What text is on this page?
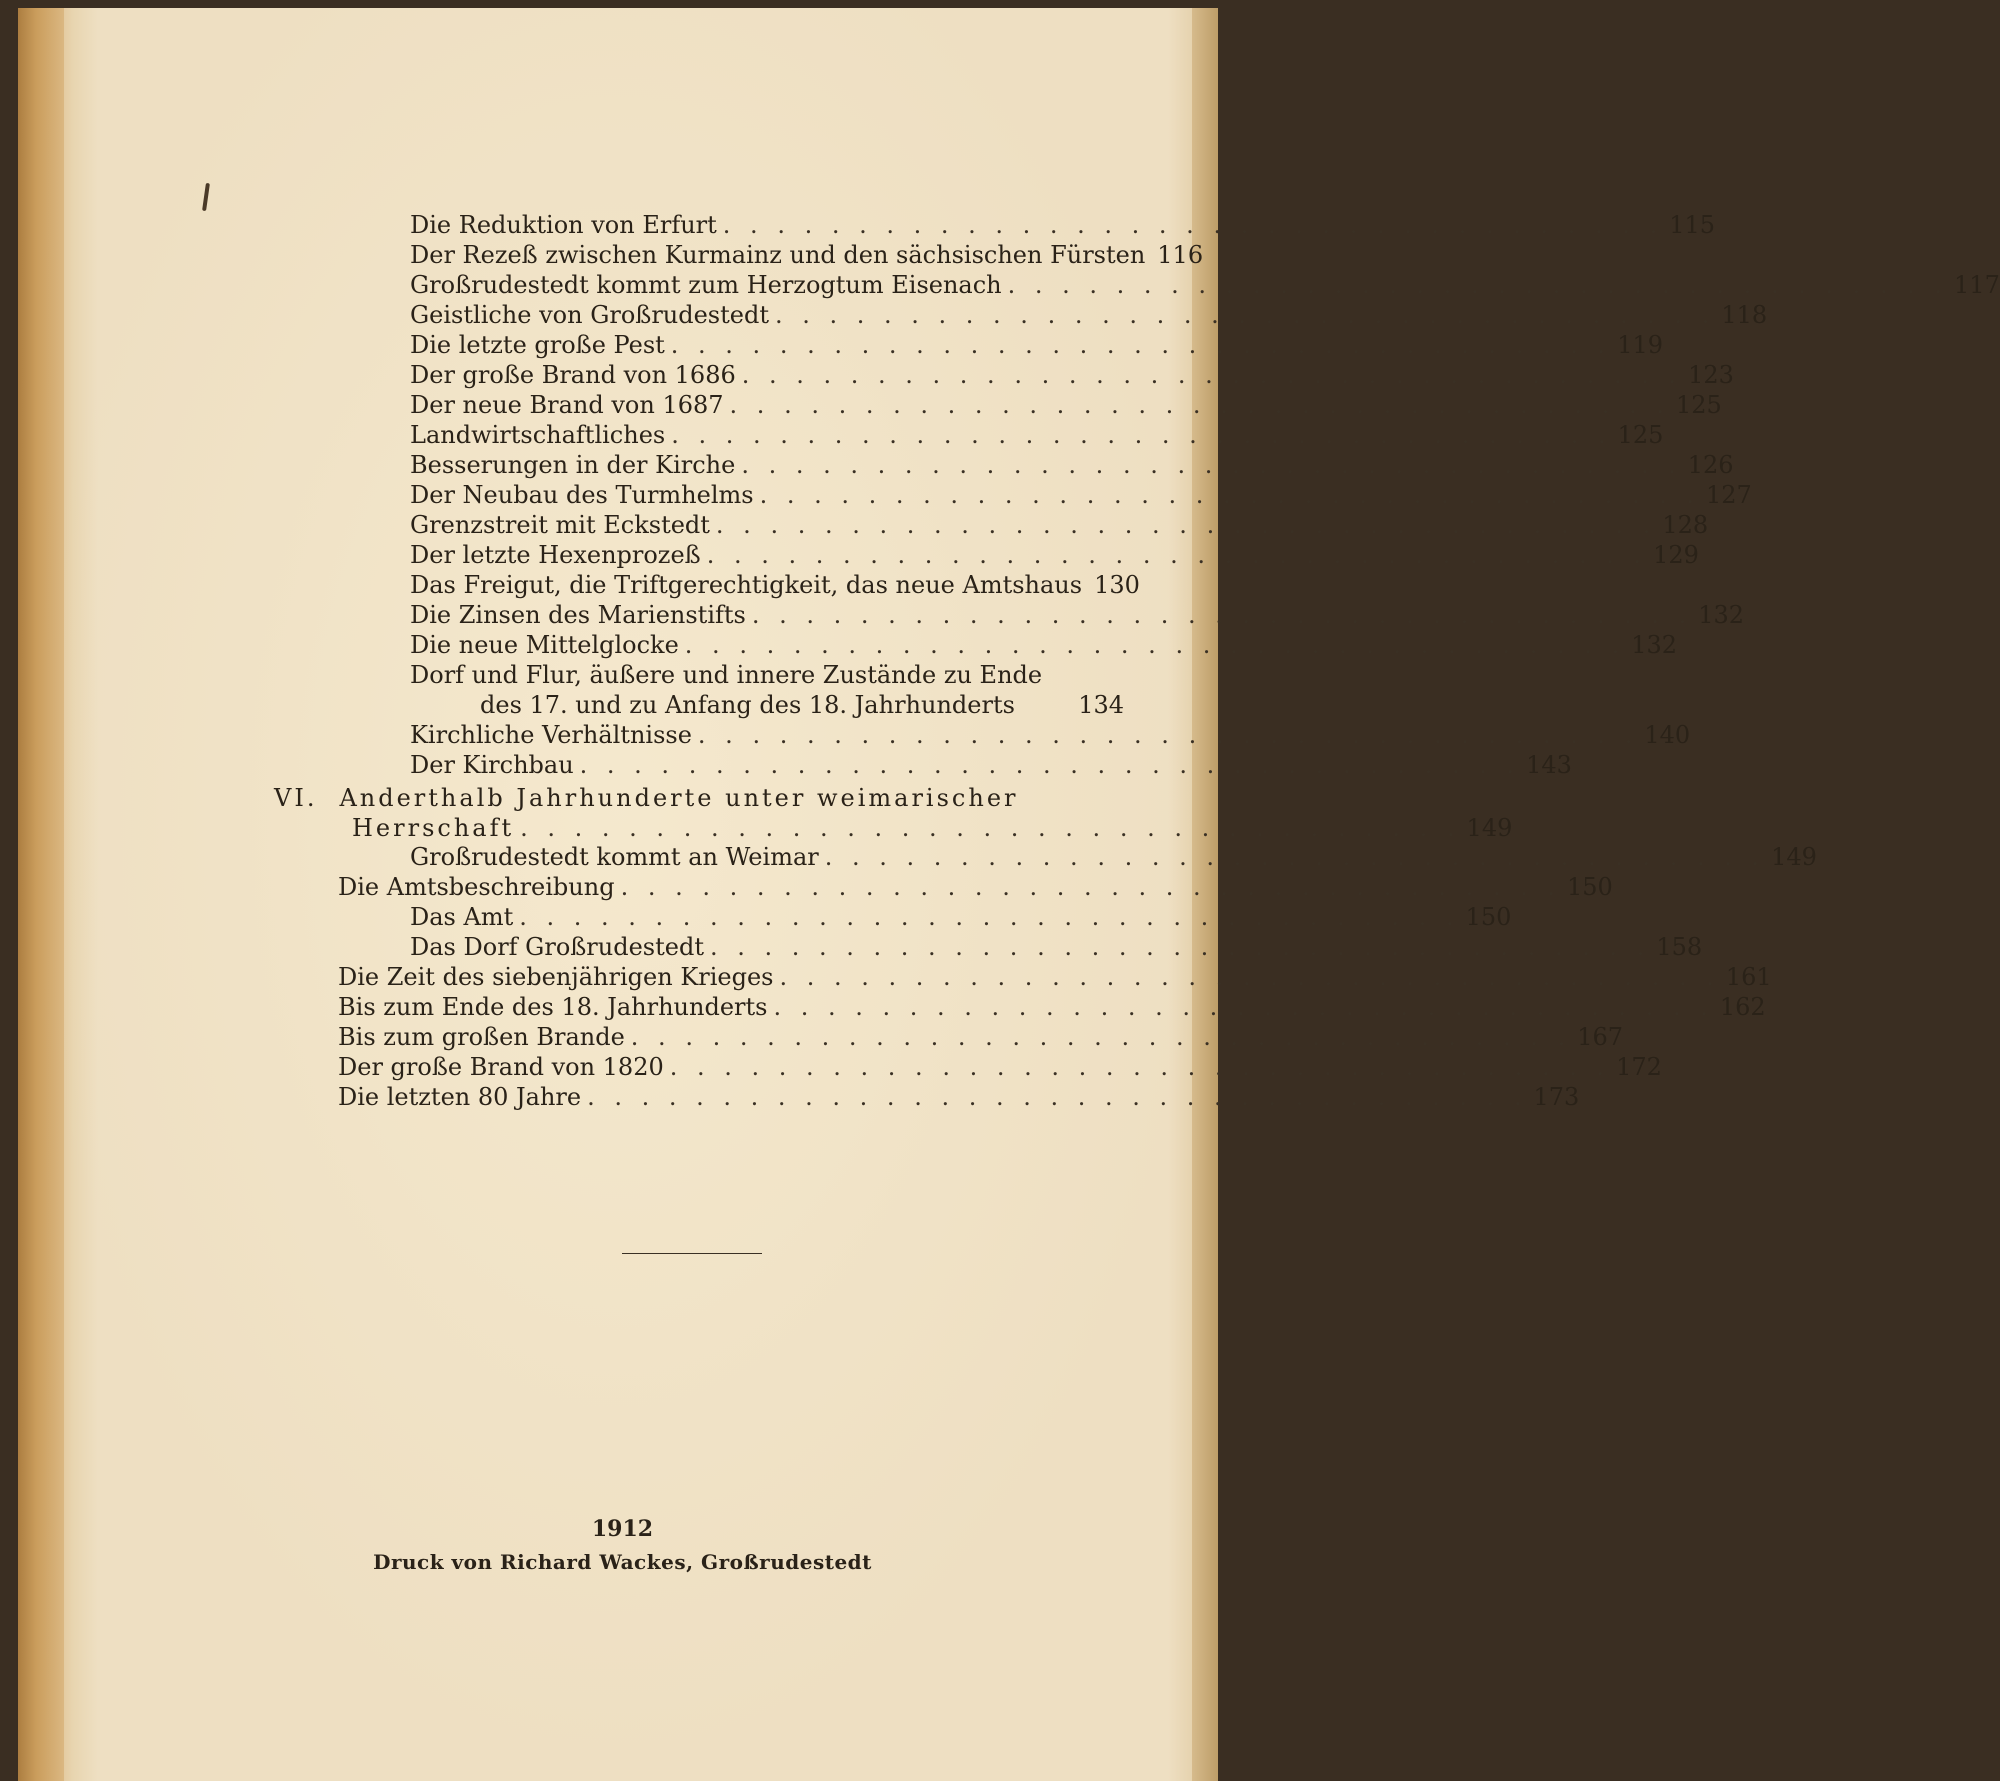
Die Reduktion von Erfurt . . . . . . . . . . . . . . . . . . . . . . . . . . . . . . . . . . . 115
Der Rezeß zwischen Kurmainz und den sächsischen Fürsten 116
Großrudestedt kommt zum Herzogtum Eisenach . . . . . . . . . . . . . . . . . . . . . . . . . . . . . . . . . . . 117
Geistliche von Großrudestedt . . . . . . . . . . . . . . . . . . . . . . . . . . . . . . . . . . . 118
Die letzte große Pest . . . . . . . . . . . . . . . . . . . . . . . . . . . . . . . . . . . 119
Der große Brand von 1686 . . . . . . . . . . . . . . . . . . . . . . . . . . . . . . . . . . . 123
Der neue Brand von 1687 . . . . . . . . . . . . . . . . . . . . . . . . . . . . . . . . . . . 125
Landwirtschaftliches . . . . . . . . . . . . . . . . . . . . . . . . . . . . . . . . . . . 125
Besserungen in der Kirche . . . . . . . . . . . . . . . . . . . . . . . . . . . . . . . . . . . 126
Der Neubau des Turmhelms . . . . . . . . . . . . . . . . . . . . . . . . . . . . . . . . . . . 127
Grenzstreit mit Eckstedt . . . . . . . . . . . . . . . . . . . . . . . . . . . . . . . . . . . 128
Der letzte Hexenprozeß . . . . . . . . . . . . . . . . . . . . . . . . . . . . . . . . . . . 129
Das Freigut, die Triftgerechtigkeit, das neue Amtshaus 130
Die Zinsen des Marienstifts . . . . . . . . . . . . . . . . . . . . . . . . . . . . . . . . . . . 132
Die neue Mittelglocke . . . . . . . . . . . . . . . . . . . . . . . . . . . . . . . . . . . 132
Dorf und Flur, äußere und innere Zustände zu Ende
des 17. und zu Anfang des 18. Jahrhunderts	134
Kirchliche Verhältnisse . . . . . . . . . . . . . . . . . . . . . . . . . . . . . . . . . . . 140
Der Kirchbau . . . . . . . . . . . . . . . . . . . . . . . . . . . . . . . . . . . 143
VI. Anderthalb Jahrhunderte unter weimarischer
Herrschaft . . . . . . . . . . . . . . . . . . . . . . . . . . . . . . . . . . . 149
Großrudestedt kommt an Weimar . . . . . . . . . . . . . . . . . . . . . . . . . . . . . . . . . . . 149
Die Amtsbeschreibung . . . . . . . . . . . . . . . . . . . . . . . . . . . . . . . . . . . 150
Das Amt . . . . . . . . . . . . . . . . . . . . . . . . . . . . . . . . . . . 150
Das Dorf Großrudestedt . . . . . . . . . . . . . . . . . . . . . . . . . . . . . . . . . . . 158
Die Zeit des siebenjährigen Krieges . . . . . . . . . . . . . . . . . . . . . . . . . . . . . . . . . . . 161
Bis zum Ende des 18. Jahrhunderts . . . . . . . . . . . . . . . . . . . . . . . . . . . . . . . . . . . 162
Bis zum großen Brande . . . . . . . . . . . . . . . . . . . . . . . . . . . . . . . . . . . 167
Der große Brand von 1820 . . . . . . . . . . . . . . . . . . . . . . . . . . . . . . . . . . . 172
Die letzten 80 Jahre . . . . . . . . . . . . . . . . . . . . . . . . . . . . . . . . . . . 173
1912
Druck von Richard Wackes, Großrudestedt
